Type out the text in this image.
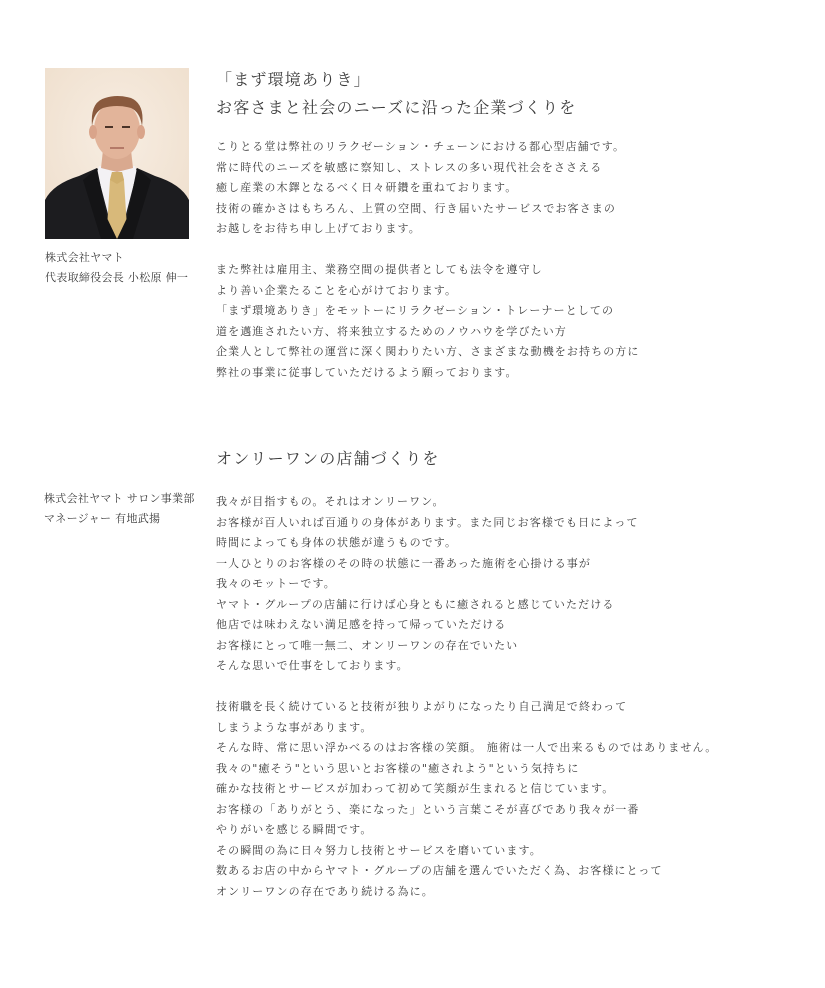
株式会社ヤマト
代表取締役会長 小松原 伸一
「まず環境ありき」
お客さまと社会のニーズに沿った企業づくりを
こりとる堂は弊社のリラクゼーション・チェーンにおける都心型店舗です。
常に時代のニーズを敏感に察知し、ストレスの多い現代社会をささえる
癒し産業の木鐸となるべく日々研鑽を重ねております。
技術の確かさはもちろん、上質の空間、行き届いたサービスでお客さまの
お越しをお待ち申し上げております。
また弊社は雇用主、業務空間の提供者としても法令を遵守し
より善い企業たることを心がけております。
「まず環境ありき」をモットーにリラクゼーション・トレーナーとしての
道を邁進されたい方、将来独立するためのノウハウを学びたい方
企業人として弊社の運営に深く関わりたい方、さまざまな動機をお持ちの方に
弊社の事業に従事していただけるよう願っております。
株式会社ヤマト サロン事業部
マネージャー 有地武揚
オンリーワンの店舗づくりを
我々が目指すもの。それはオンリーワン。
お客様が百人いれば百通りの身体があります。また同じお客様でも日によって
時間によっても身体の状態が違うものです。
一人ひとりのお客様のその時の状態に一番あった施術を心掛ける事が
我々のモットーです。
ヤマト・グループの店舗に行けば心身ともに癒されると感じていただける
他店では味わえない満足感を持って帰っていただける
お客様にとって唯一無二、オンリーワンの存在でいたい
そんな思いで仕事をしております。
技術職を長く続けていると技術が独りよがりになったり自己満足で終わって
しまうような事があります。
そんな時、常に思い浮かべるのはお客様の笑顔。 施術は一人で出来るものではありません。
我々の"癒そう"という思いとお客様の"癒されよう"という気持ちに
確かな技術とサービスが加わって初めて笑顔が生まれると信じています。
お客様の「ありがとう、楽になった」という言葉こそが喜びであり我々が一番
やりがいを感じる瞬間です。
その瞬間の為に日々努力し技術とサービスを磨いています。
数あるお店の中からヤマト・グループの店舗を選んでいただく為、お客様にとって
オンリーワンの存在であり続ける為に。
